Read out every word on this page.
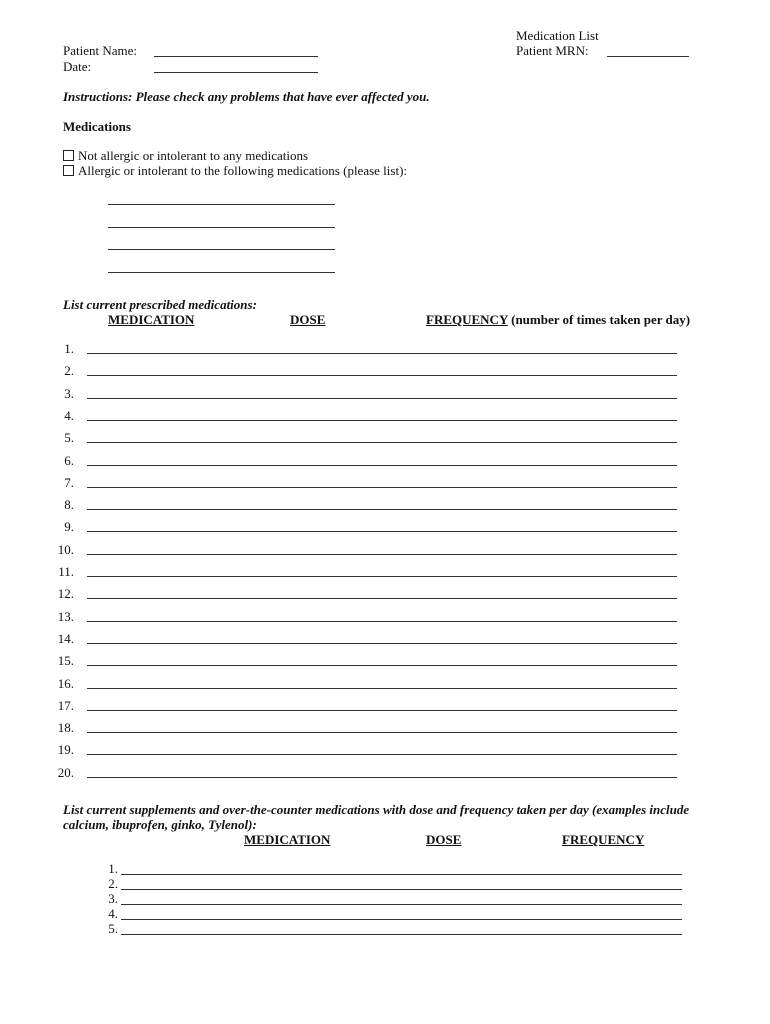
Medication List
Patient MRN:
Patient Name:
Date:
Instructions: Please check any problems that have ever affected you.
Medications
Not allergic or intolerant to any medications
Allergic or intolerant to the following medications (please list):
List current prescribed medications:
MEDICATION	DOSE	FREQUENCY (number of times taken per day)
1.
2.
3.
4.
5.
6.
7.
8.
9.
10.
11.
12.
13.
14.
15.
16.
17.
18.
19.
20.
List current supplements and over-the-counter medications with dose and frequency taken per day (examples include
calcium, ibuprofen, ginko, Tylenol):
MEDICATION	DOSE	FREQUENCY
1.
2.
3.
4.
5.
